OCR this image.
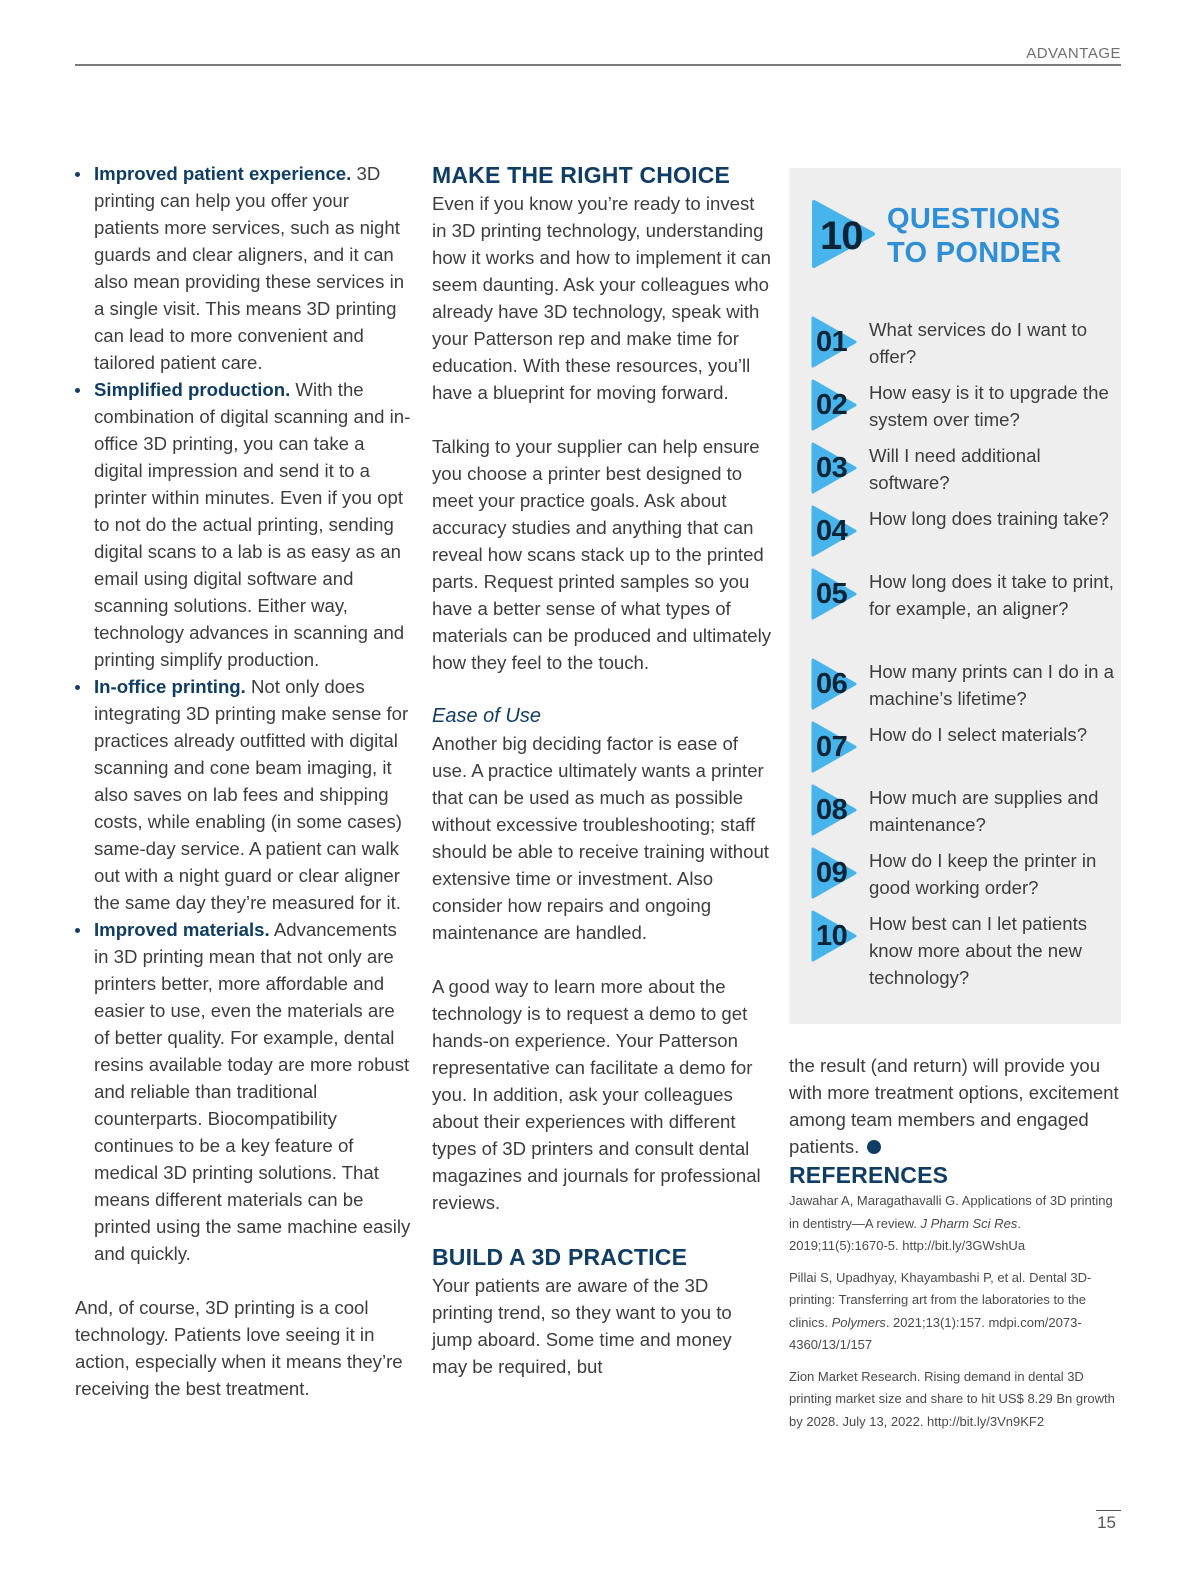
ADVANTAGE
Improved patient experience. 3D printing can help you offer your patients more services, such as night guards and clear aligners, and it can also mean providing these services in a single visit. This means 3D printing can lead to more convenient and tailored patient care.
Simplified production. With the combination of digital scanning and in-office 3D printing, you can take a digital impression and send it to a printer within minutes. Even if you opt to not do the actual printing, sending digital scans to a lab is as easy as an email using digital software and scanning solutions. Either way, technology advances in scanning and printing simplify production.
In-office printing. Not only does integrating 3D printing make sense for practices already outfitted with digital scanning and cone beam imaging, it also saves on lab fees and shipping costs, while enabling (in some cases) same-day service. A patient can walk out with a night guard or clear aligner the same day they’re measured for it.
Improved materials. Advancements in 3D printing mean that not only are printers better, more affordable and easier to use, even the materials are of better quality. For example, dental resins available today are more robust and reliable than traditional counterparts. Biocompatibility continues to be a key feature of medical 3D printing solutions. That means different materials can be printed using the same machine easily and quickly.

And, of course, 3D printing is a cool technology. Patients love seeing it in action, especially when it means they’re receiving the best treatment.

MAKE THE RIGHT CHOICE

Even if you know you’re ready to invest in 3D printing technology, understanding how it works and how to implement it can seem daunting. Ask your colleagues who already have 3D technology, speak with your Patterson rep and make time for education. With these resources, you’ll have a blueprint for moving forward.

Talking to your supplier can help ensure you choose a printer best designed to meet your practice goals. Ask about accuracy studies and anything that can reveal how scans stack up to the printed parts. Request printed samples so you have a better sense of what types of materials can be produced and ultimately how they feel to the touch.

Ease of Use

Another big deciding factor is ease of use. A practice ultimately wants a printer that can be used as much as possible without excessive troubleshooting; staff should be able to receive training without extensive time or investment. Also consider how repairs and ongoing maintenance are handled.

A good way to learn more about the technology is to request a demo to get hands-on experience. Your Patterson representative can facilitate a demo for you. In addition, ask your colleagues about their experiences with different types of 3D printers and consult dental magazines and journals for professional reviews.

BUILD A 3D PRACTICE

Your patients are aware of the 3D printing trend, so they want to you to jump aboard. Some time and money may be required, but

10 QUESTIONS
TO PONDER
01 What services do I want to offer?
02 How easy is it to upgrade the system over time?
03 Will I need additional software?
04 How long does training take?
05 How long does it take to print, for example, an aligner?
06 How many prints can I do in a machine’s lifetime?
07 How do I select materials?
08 How much are supplies and maintenance?
09 How do I keep the printer in good working order?
10 How best can I let patients know more about the new technology?

the result (and return) will provide you with more treatment options, excitement among team members and engaged patients.

REFERENCES

Jawahar A, Maragathavalli G. Applications of 3D printing in dentistry—A review. J Pharm Sci Res. 2019;11(5):1670-5. http://bit.ly/3GWshUa

Pillai S, Upadhyay, Khayambashi P, et al. Dental 3D-printing: Transferring art from the laboratories to the clinics. Polymers. 2021;13(1):157. mdpi.com/2073-4360/13/1/157

Zion Market Research. Rising demand in dental 3D printing market size and share to hit US$ 8.29 Bn growth by 2028. July 13, 2022. http://bit.ly/3Vn9KF2

15
